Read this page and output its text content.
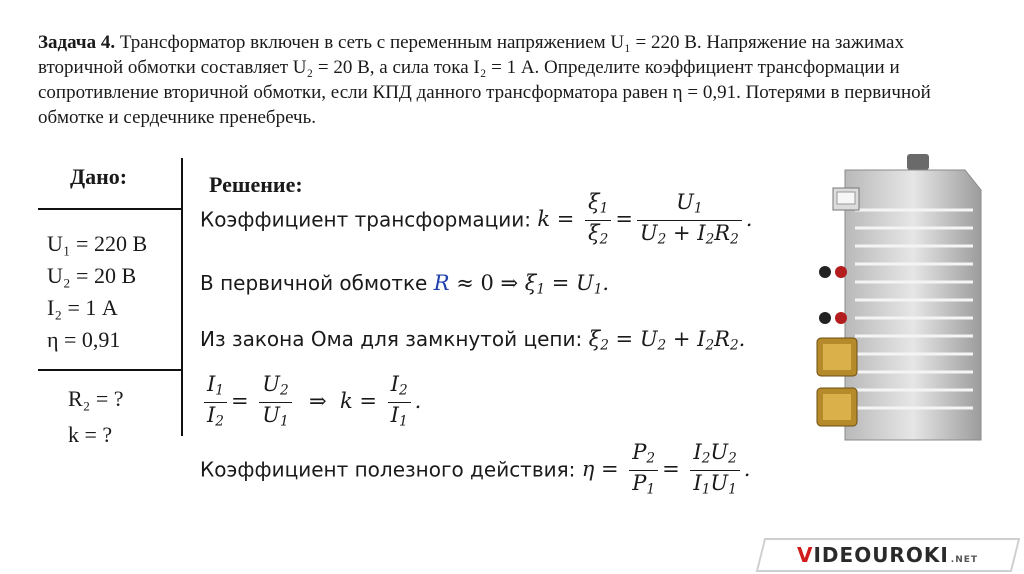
Задача 4. Трансформатор включен в сеть с переменным напряжением U₁ = 220 В. Напряжение на зажимах вторичной обмотки составляет U₂ = 20 В, а сила тока I₂ = 1 А. Определите коэффициент трансформации и сопротивление вторичной обмотки, если КПД данного трансформатора равен η = 0,91. Потерями в первичной обмотке и сердечнике пренебречь.
Дано:
U₁ = 220 В
U₂ = 20 В
I₂ = 1 А
η = 0,91
R₂ = ?
k = ?
Решение:
Коэффициент трансформации: $k = \frac{\xi_1}{\xi_2} = \frac{U_1}{U_2 + I_2R_2}$ .
В первичной обмотке R ≈ 0 ⇒ $\xi_1 = U_1$.
Из закона Ома для замкнутой цепи: $\xi_2 = U_2 + I_2R_2$.
$\frac{I_1}{I_2} = \frac{U_2}{U_1}$ ⇒  $k = \frac{I_2}{I_1}$ .
Коэффициент полезного действия: $\eta = \frac{P_2}{P_1} = \frac{I_2U_2}{I_1U_1}$ .
VIDEOUROKI .NET
